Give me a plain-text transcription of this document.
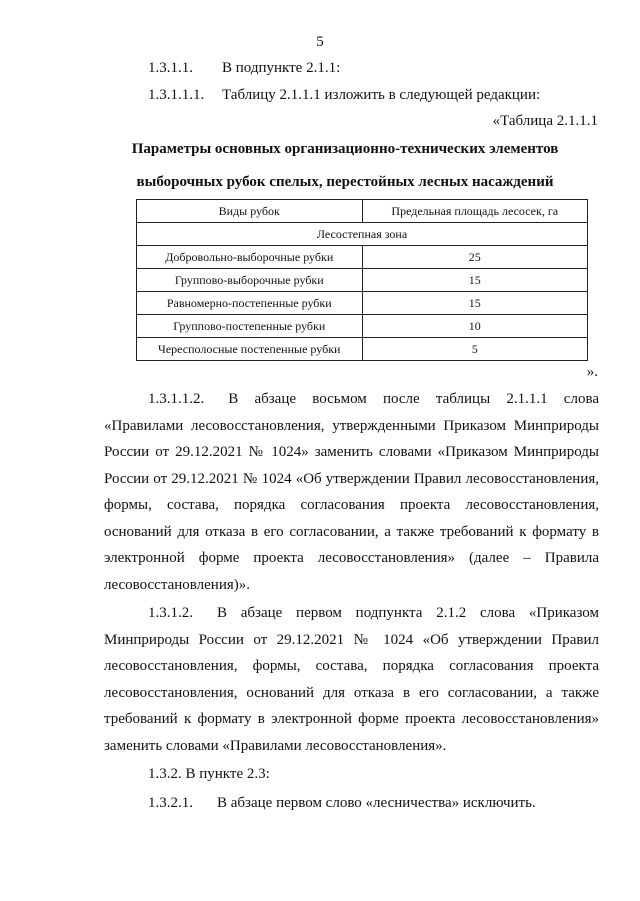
5
1.3.1.1. В подпункте 2.1.1:
1.3.1.1.1. Таблицу 2.1.1.1 изложить в следующей редакции:
«Таблица 2.1.1.1
Параметры основных организационно-технических элементов выборочных рубок спелых, перестойных лесных насаждений
Виды рубок	Предельная площадь лесосек, га
Лесостепная зона	
Добровольно-выборочные рубки	25
Группово-выборочные рубки	15
Равномерно-постепенные рубки	15
Группово-постепенные рубки	10
Чересполосные постепенные рубки	5
».

1.3.1.1.2. В абзаце восьмом после таблицы 2.1.1.1 слова «Правилами лесовосстановления, утвержденными Приказом Минприроды России от 29.12.2021 № 1024» заменить словами «Приказом Минприроды России от 29.12.2021 № 1024 «Об утверждении Правил лесовосстановления, формы, состава, порядка согласования проекта лесовосстановления, оснований для отказа в его согласовании, а также требований к формату в электронной форме проекта лесовосстановления» (далее – Правила лесовосстановления)».

1.3.1.2. В абзаце первом подпункта 2.1.2 слова «Приказом Минприроды России от 29.12.2021 № 1024 «Об утверждении Правил лесовосстановления, формы, состава, порядка согласования проекта лесовосстановления, оснований для отказа в его согласовании, а также требований к формату в электронной форме проекта лесовосстановления» заменить словами «Правилами лесовосстановления».

1.3.2. В пункте 2.3:

1.3.2.1. В абзаце первом слово «лесничества» исключить.
